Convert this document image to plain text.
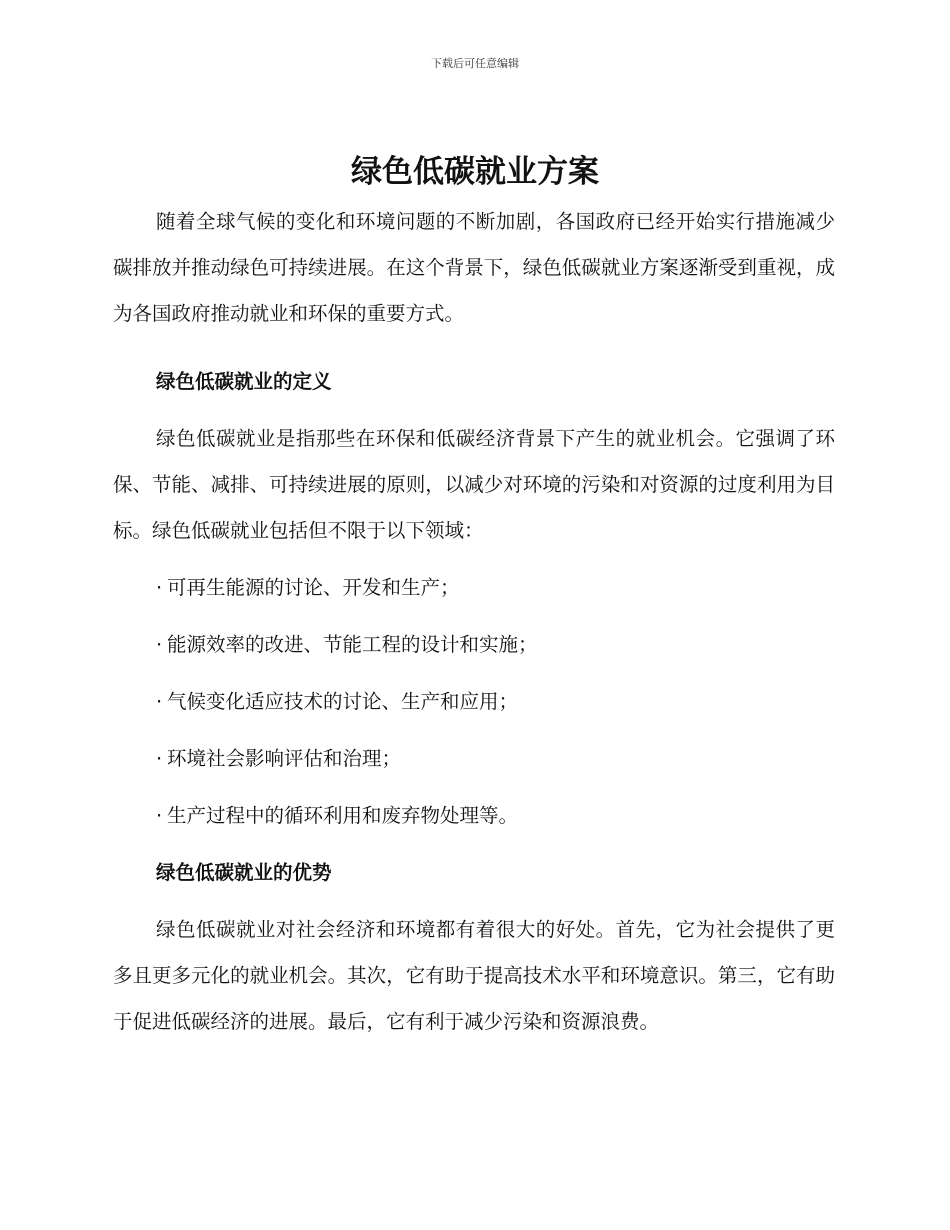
下载后可任意编辑
绿色低碳就业方案

随着全球气候的变化和环境问题的不断加剧，各国政府已经开始实行措施减少碳排放并推动绿色可持续进展。在这个背景下，绿色低碳就业方案逐渐受到重视，成为各国政府推动就业和环保的重要方式。

绿色低碳就业的定义

绿色低碳就业是指那些在环保和低碳经济背景下产生的就业机会。它强调了环保、节能、减排、可持续进展的原则，以减少对环境的污染和对资源的过度利用为目标。绿色低碳就业包括但不限于以下领域：

· 可再生能源的讨论、开发和生产；
· 能源效率的改进、节能工程的设计和实施；
· 气候变化适应技术的讨论、生产和应用；
· 环境社会影响评估和治理；
· 生产过程中的循环利用和废弃物处理等。
绿色低碳就业的优势

绿色低碳就业对社会经济和环境都有着很大的好处。首先，它为社会提供了更多且更多元化的就业机会。其次，它有助于提高技术水平和环境意识。第三，它有助于促进低碳经济的进展。最后，它有利于减少污染和资源浪费。
